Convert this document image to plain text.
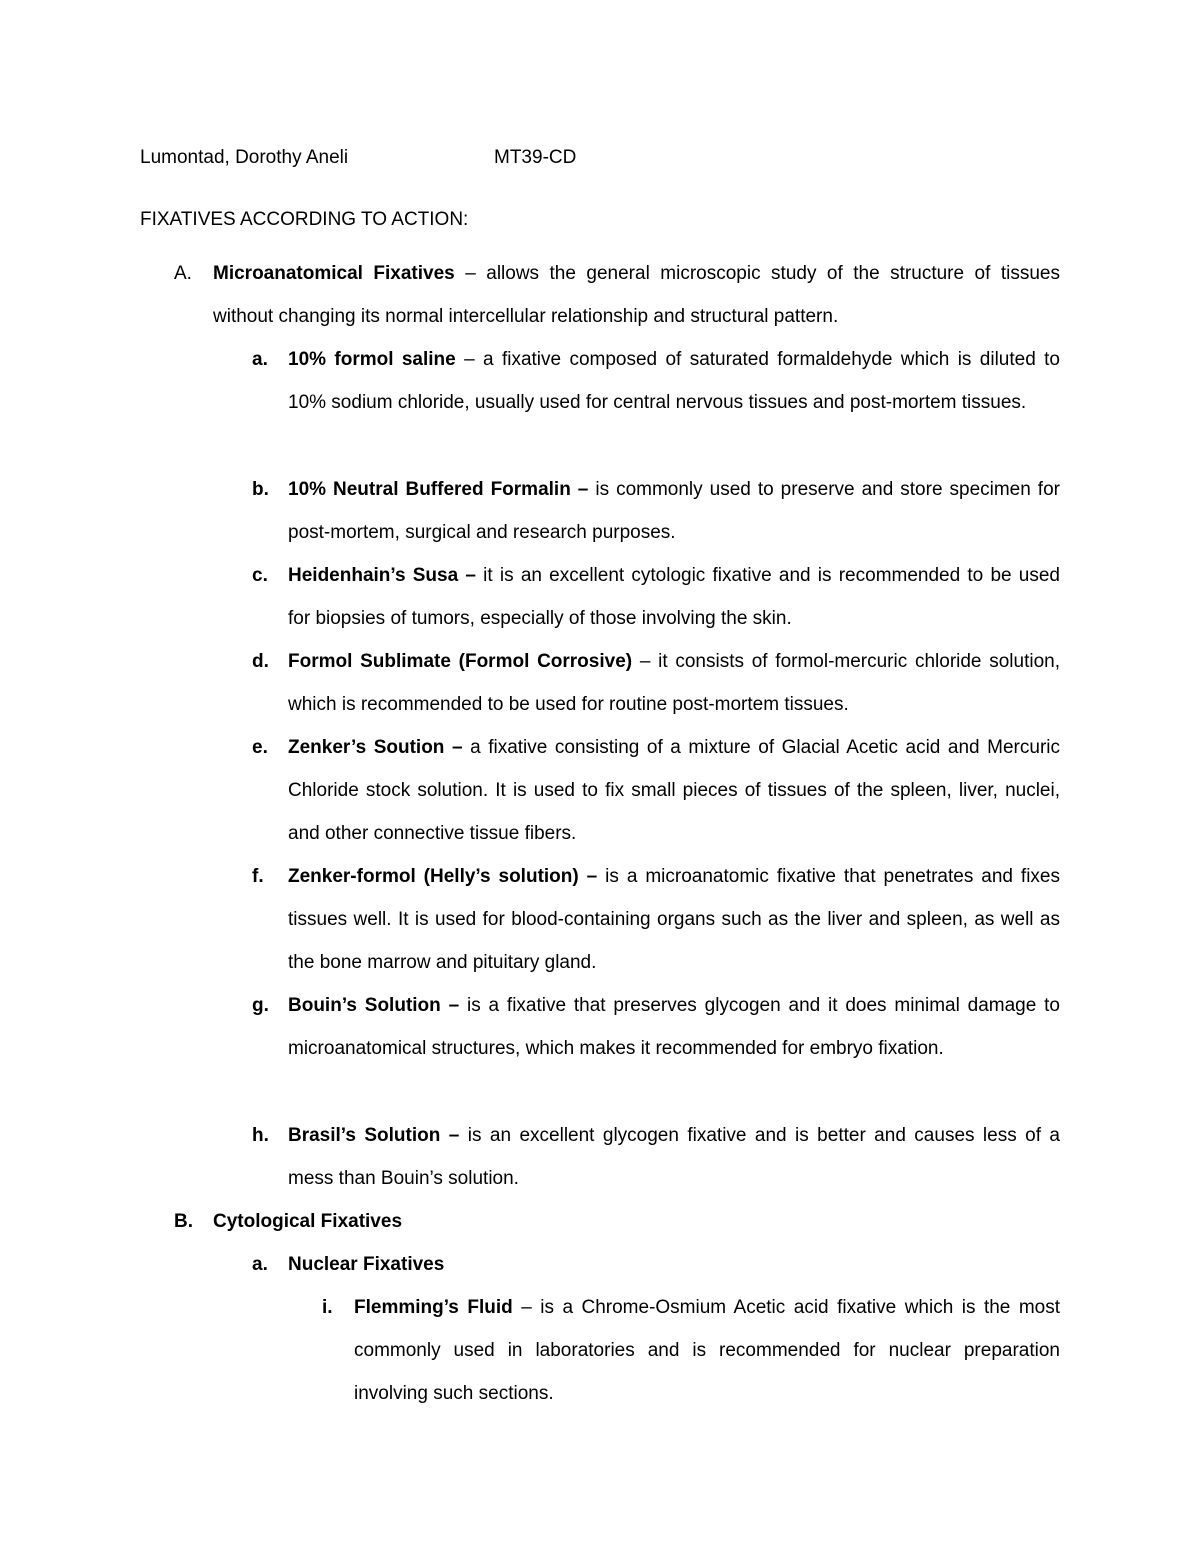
Lumontad, Dorothy Aneli	MT39-CD
FIXATIVES ACCORDING TO ACTION:
A. Microanatomical Fixatives – allows the general microscopic study of the structure of tissues without changing its normal intercellular relationship and structural pattern.
a. 10% formol saline – a fixative composed of saturated formaldehyde which is diluted to 10% sodium chloride, usually used for central nervous tissues and post-mortem tissues.
b. 10% Neutral Buffered Formalin – is commonly used to preserve and store specimen for post-mortem, surgical and research purposes.
c. Heidenhain’s Susa – it is an excellent cytologic fixative and is recommended to be used for biopsies of tumors, especially of those involving the skin.
d. Formol Sublimate (Formol Corrosive) – it consists of formol-mercuric chloride solution, which is recommended to be used for routine post-mortem tissues.
e. Zenker’s Soution – a fixative consisting of a mixture of Glacial Acetic acid and Mercuric Chloride stock solution. It is used to fix small pieces of tissues of the spleen, liver, nuclei, and other connective tissue fibers.
f. Zenker-formol (Helly’s solution) – is a microanatomic fixative that penetrates and fixes tissues well. It is used for blood-containing organs such as the liver and spleen, as well as the bone marrow and pituitary gland.
g. Bouin’s Solution – is a fixative that preserves glycogen and it does minimal damage to microanatomical structures, which makes it recommended for embryo fixation.
h. Brasil’s Solution – is an excellent glycogen fixative and is better and causes less of a mess than Bouin’s solution.
B. Cytological Fixatives
a. Nuclear Fixatives
i. Flemming’s Fluid – is a Chrome-Osmium Acetic acid fixative which is the most commonly used in laboratories and is recommended for nuclear preparation involving such sections.
